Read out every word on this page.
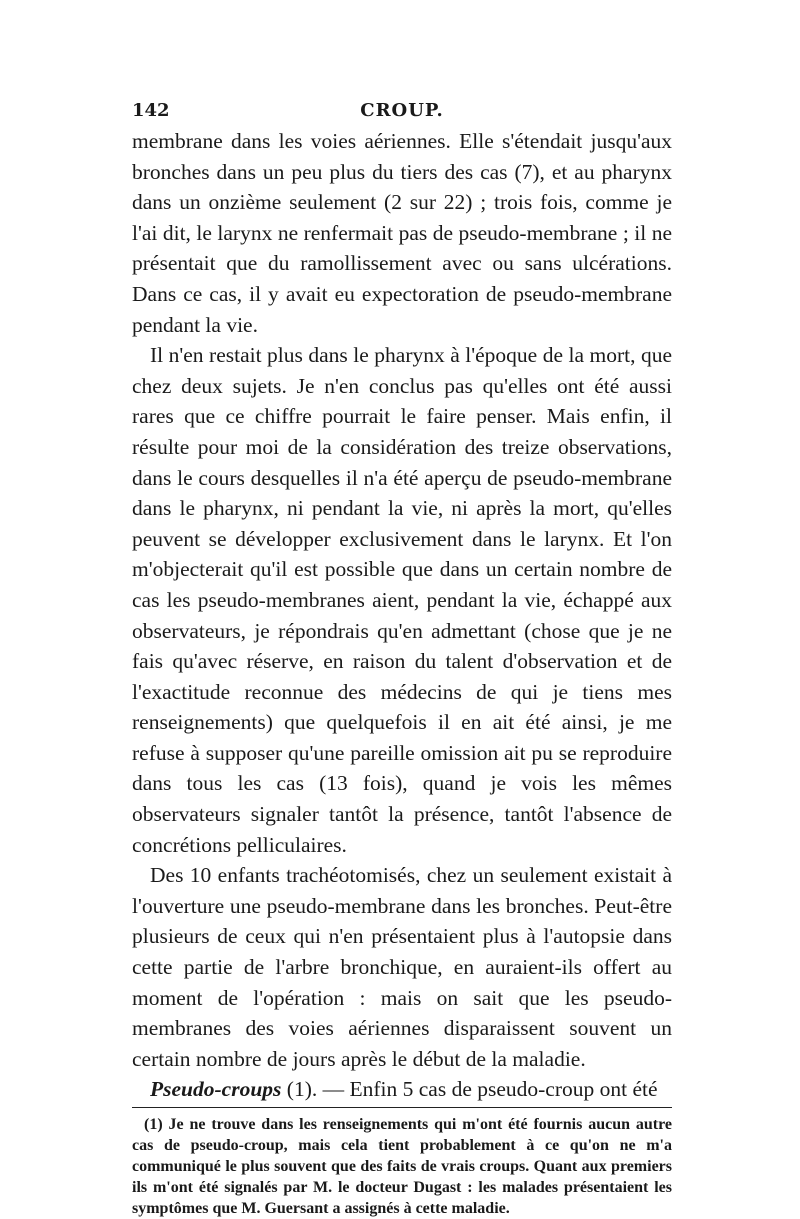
142	CROUP.

membrane dans les voies aériennes. Elle s'étendait jusqu'aux bronches dans un peu plus du tiers des cas (7), et au pharynx dans un onzième seulement (2 sur 22) ; trois fois, comme je l'ai dit, le larynx ne renfermait pas de pseudo-membrane ; il ne présentait que du ramollissement avec ou sans ulcérations. Dans ce cas, il y avait eu expectoration de pseudo-membrane pendant la vie.

Il n'en restait plus dans le pharynx à l'époque de la mort, que chez deux sujets. Je n'en conclus pas qu'elles ont été aussi rares que ce chiffre pourrait le faire penser. Mais enfin, il résulte pour moi de la considération des treize observations, dans le cours desquelles il n'a été aperçu de pseudo-membrane dans le pharynx, ni pendant la vie, ni après la mort, qu'elles peuvent se développer exclusivement dans le larynx. Et l'on m'objecterait qu'il est possible que dans un certain nombre de cas les pseudo-membranes aient, pendant la vie, échappé aux observateurs, je répondrais qu'en admettant (chose que je ne fais qu'avec réserve, en raison du talent d'observation et de l'exactitude reconnue des médecins de qui je tiens mes renseignements) que quelquefois il en ait été ainsi, je me refuse à supposer qu'une pareille omission ait pu se reproduire dans tous les cas (13 fois), quand je vois les mêmes observateurs signaler tantôt la présence, tantôt l'absence de concrétions pelliculaires.

Des 10 enfants trachéotomisés, chez un seulement existait à l'ouverture une pseudo-membrane dans les bronches. Peut-être plusieurs de ceux qui n'en présentaient plus à l'autopsie dans cette partie de l'arbre bronchique, en auraient-ils offert au moment de l'opération : mais on sait que les pseudo-membranes des voies aériennes disparaissent souvent un certain nombre de jours après le début de la maladie.

Pseudo-croups (1). — Enfin 5 cas de pseudo-croup ont été

(1) Je ne trouve dans les renseignements qui m'ont été fournis aucun autre cas de pseudo-croup, mais cela tient probablement à ce qu'on ne m'a communiqué le plus souvent que des faits de vrais croups. Quant aux premiers ils m'ont été signalés par M. le docteur Dugast : les malades présentaient les symptômes que M. Guersant a assignés à cette maladie.
